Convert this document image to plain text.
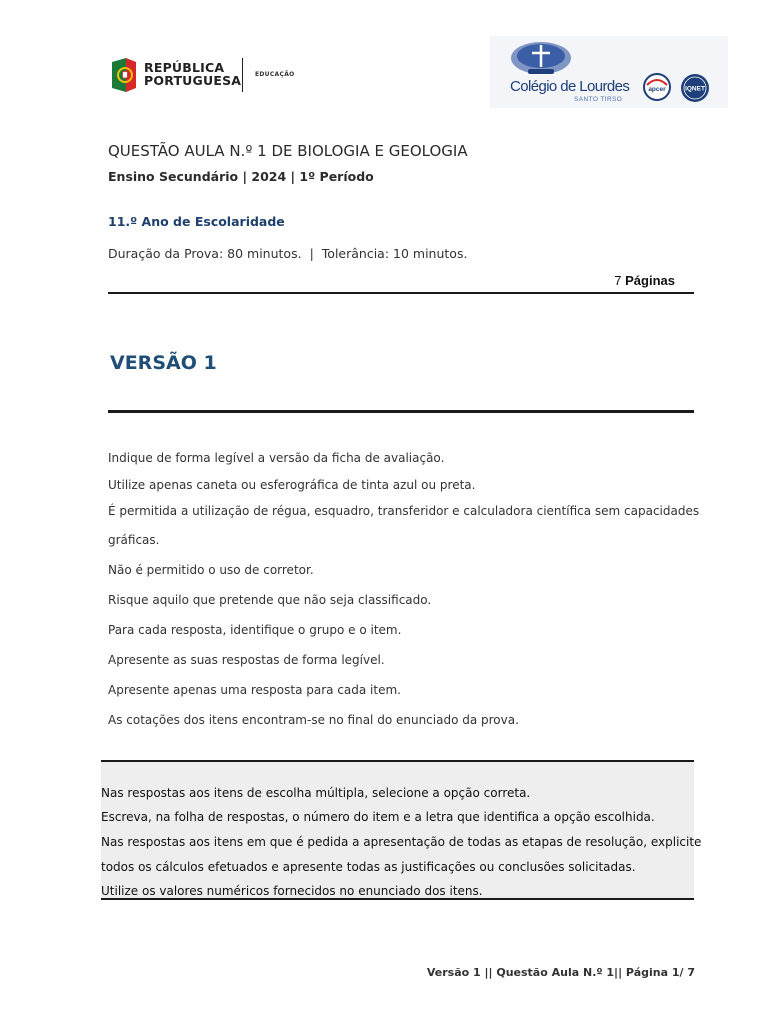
REPÚBLICA
PORTUGUESA EDUCAÇÃO
Colégio de Lourdes
SANTO TIRSO
apcer	IQNET
QUESTÃO AULA N.º 1 DE BIOLOGIA E GEOLOGIA
Ensino Secundário | 2024 | 1º Período
11.º Ano de Escolaridade
Duração da Prova: 80 minutos. | Tolerância: 10 minutos.
7 Páginas
VERSÃO 1
Indique de forma legível a versão da ficha de avaliação.
Utilize apenas caneta ou esferográfica de tinta azul ou preta.
É permitida a utilização de régua, esquadro, transferidor e calculadora científica sem capacidades
gráficas.
Não é permitido o uso de corretor.
Risque aquilo que pretende que não seja classificado.
Para cada resposta, identifique o grupo e o item.
Apresente as suas respostas de forma legível.
Apresente apenas uma resposta para cada item.
As cotações dos itens encontram-se no final do enunciado da prova.
Nas respostas aos itens de escolha múltipla, selecione a opção correta.
Escreva, na folha de respostas, o número do item e a letra que identifica a opção escolhida.
Nas respostas aos itens em que é pedida a apresentação de todas as etapas de resolução, explicite
todos os cálculos efetuados e apresente todas as justificações ou conclusões solicitadas.
Utilize os valores numéricos fornecidos no enunciado dos itens.
Versão 1 || Questão Aula N.º 1|| Página 1/ 7
